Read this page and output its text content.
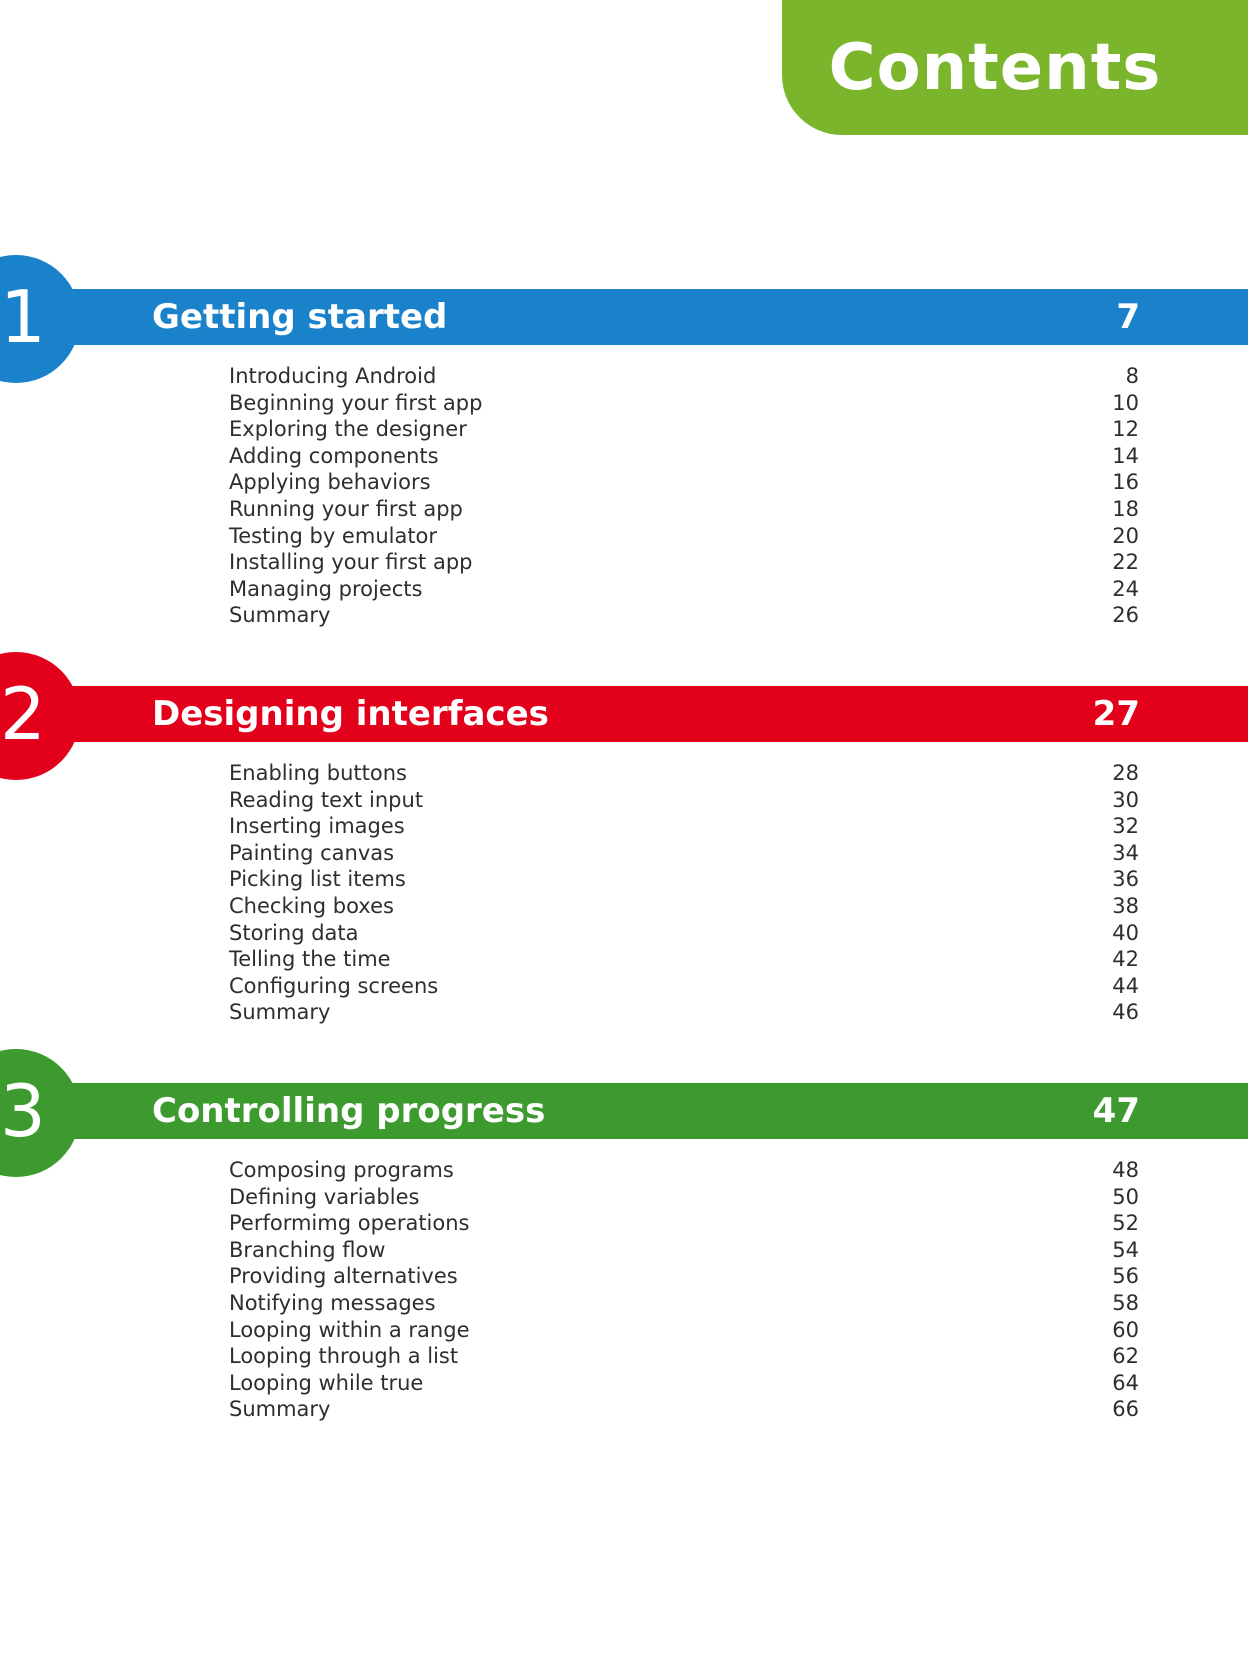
Contents
1	Getting started	7
Introducing Android	8
Beginning your first app	10
Exploring the designer	12
Adding components	14
Applying behaviors	16
Running your first app	18
Testing by emulator	20
Installing your first app	22
Managing projects	24
Summary	26
2	Designing interfaces	27
Enabling buttons	28
Reading text input	30
Inserting images	32
Painting canvas	34
Picking list items	36
Checking boxes	38
Storing data	40
Telling the time	42
Configuring screens	44
Summary	46
3	Controlling progress	47
Composing programs	48
Defining variables	50
Performimg operations	52
Branching flow	54
Providing alternatives	56
Notifying messages	58
Looping within a range	60
Looping through a list	62
Looping while true	64
Summary	66
